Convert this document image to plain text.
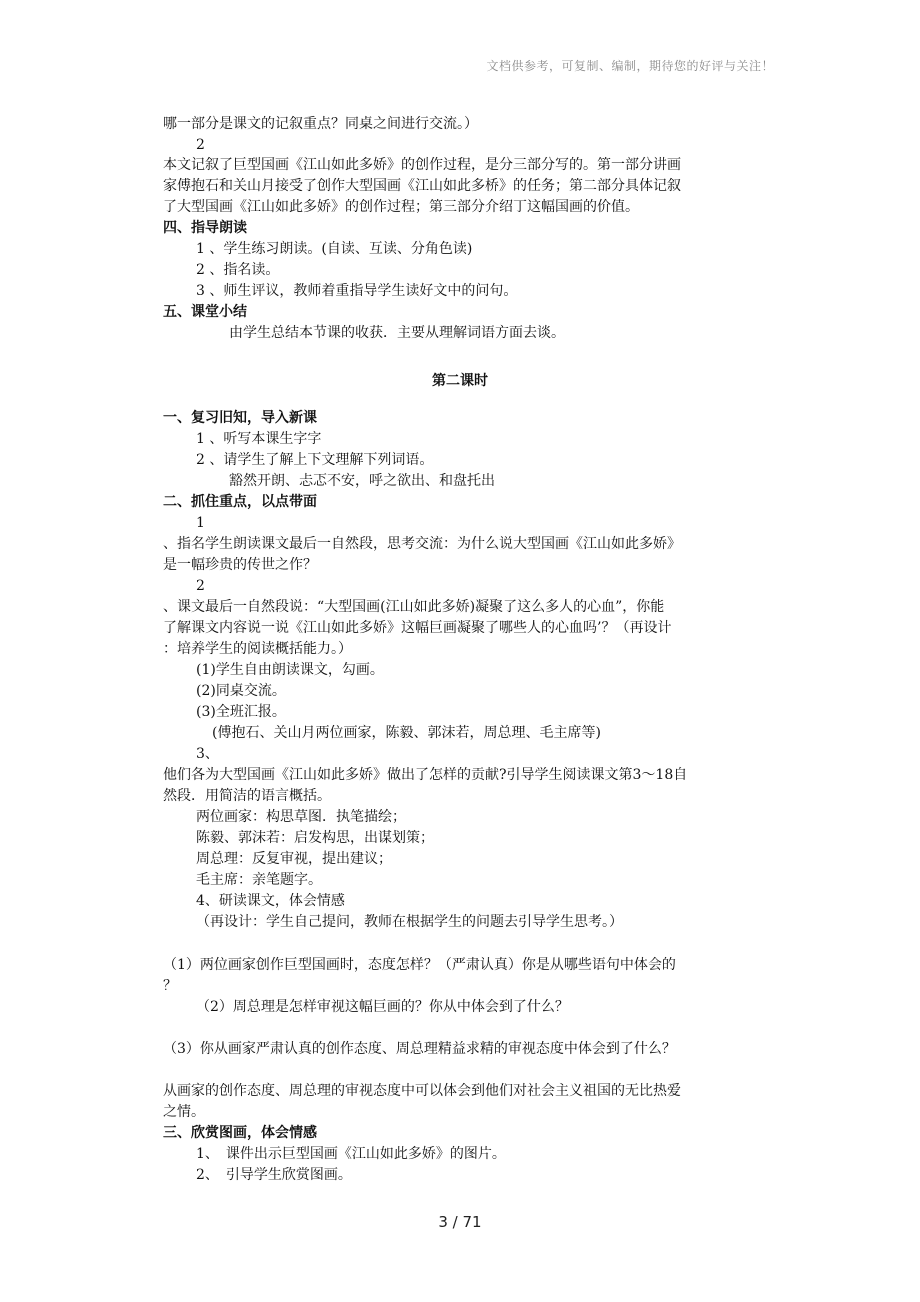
文档供参考，可复制、编制，期待您的好评与关注！
哪一部分是课文的记叙重点？同桌之间进行交流。）
2
本文记叙了巨型国画《江山如此多娇》的创作过程，是分三部分写的。第一部分讲画
家傅抱石和关山月接受了创作大型国画《江山如此多桥》的任务；第二部分具体记叙
了大型国画《江山如此多娇》的创作过程；第三部分介绍丁这幅国画的价值。
四、指导朗读
1 、学生练习朗读。(自读、互读、分角色读)
2 、指名读。
3 、师生评议，教师着重指导学生读好文中的问句。
五、课堂小结
由学生总结本节课的收获．主要从理解词语方面去谈。
第二课时
一、复习旧知，导入新课
1 、听写本课生字字
2 、请学生了解上下文理解下列词语。
豁然开朗、忐忑不安，呼之欲出、和盘托出
二、抓住重点，以点带面
1
、指名学生朗读课文最后一自然段，思考交流：为什么说大型国画《江山如此多娇》
是一幅珍贵的传世之作？
2
、课文最后一自然段说：“大型国画(江山如此多娇)凝聚了这么多人的心血”，你能
了解课文内容说一说《江山如此多娇》这幅巨画凝聚了哪些人的心血吗’？（再设计
：培养学生的阅读概括能力。）
(1)学生自由朗读课文，勾画。
(2)同桌交流。
(3)全班汇报。
(傅抱石、关山月两位画家，陈毅、郭沫若，周总理、毛主席等)
3、
他们各为大型国画《江山如此多娇》做出了怎样的贡献?引导学生阅读课文第3～18自
然段．用简洁的语言概括。
两位画家：构思草图．执笔描绘；
陈毅、郭沫若：启发构思，出谋划策；
周总理：反复审视，提出建议；
毛主席：亲笔题字。
4、研读课文，体会情感
（再设计：学生自己提问，教师在根据学生的问题去引导学生思考。）
（1）两位画家创作巨型国画时，态度怎样？（严肃认真）你是从哪些语句中体会的
？
（2）周总理是怎样审视这幅巨画的？你从中体会到了什么？
（3）你从画家严肃认真的创作态度、周总理精益求精的审视态度中体会到了什么？
从画家的创作态度、周总理的审视态度中可以体会到他们对社会主义祖国的无比热爱
之情。
三、欣赏图画，体会情感
1、　课件出示巨型国画《江山如此多娇》的图片。
2、　引导学生欣赏图画。
3 / 71
